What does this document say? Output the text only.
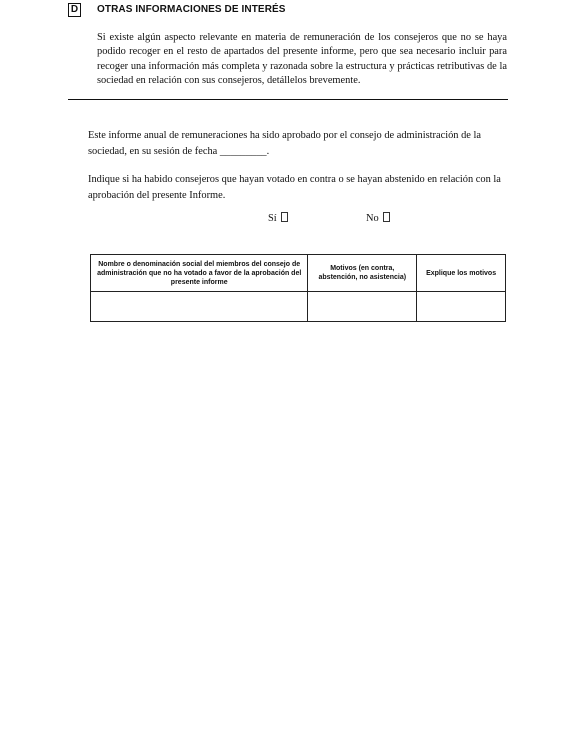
D OTRAS INFORMACIONES DE INTERÉS
Si existe algún aspecto relevante en materia de remuneración de los consejeros que no se haya podido recoger en el resto de apartados del presente informe, pero que sea necesario incluir para recoger una información más completa y razonada sobre la estructura y prácticas retributivas de la sociedad en relación con sus consejeros, detállelos brevemente.
Este informe anual de remuneraciones ha sido aprobado por el consejo de administración de la sociedad, en su sesión de fecha _________.
Indique si ha habido consejeros que hayan votado en contra o se hayan abstenido en relación con la aprobación del presente Informe.
Sí	No
Nombre o denominación social del miembros del consejo de administración que no ha votado a favor de la aprobación del presente informe	Motivos (en contra, abstención, no asistencia)	Explique los motivos
